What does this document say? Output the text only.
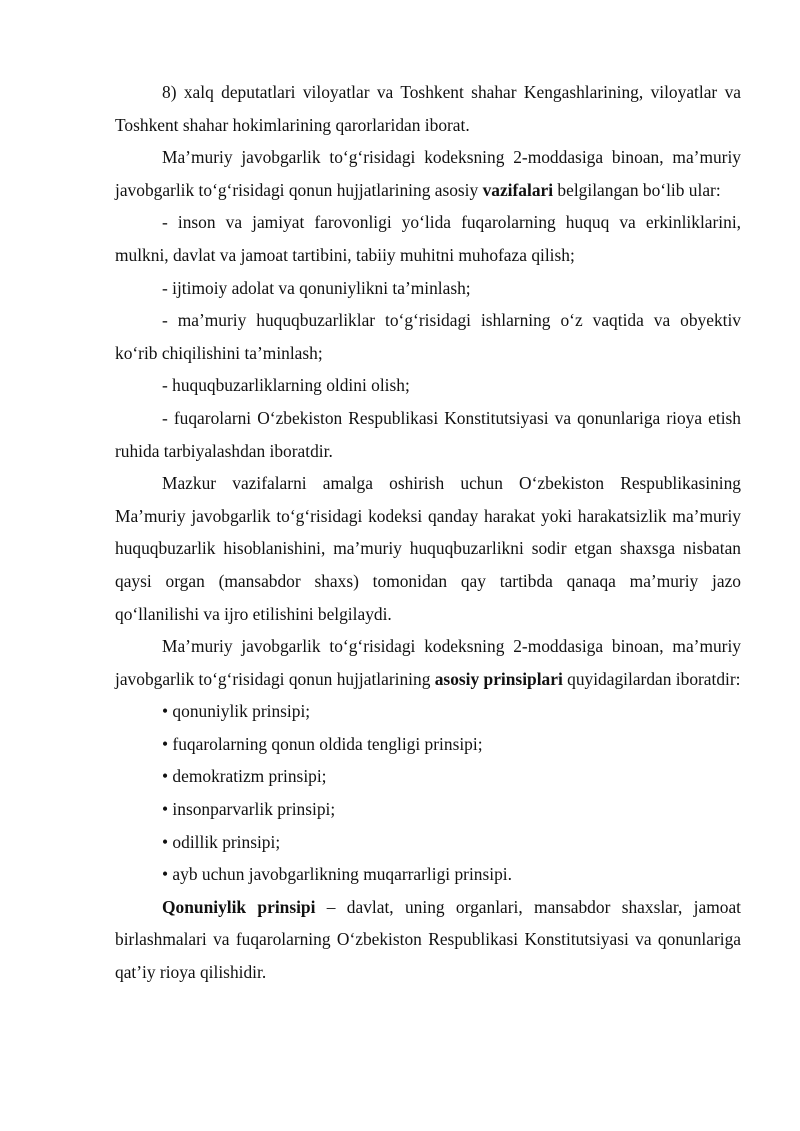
8) xalq deputatlari viloyatlar va Toshkent shahar Kengashlarining, viloyatlar va Toshkent shahar hokimlarining qarorlaridan iborat.

Ma’muriy javobgarlik to‘g‘risidagi kodeksning 2-moddasiga binoan, ma’muriy javobgarlik to‘g‘risidagi qonun hujjatlarining asosiy vazifalari belgilangan bo‘lib ular:

- inson va jamiyat farovonligi yo‘lida fuqarolarning huquq va erkinliklarini, mulkni, davlat va jamoat tartibini, tabiiy muhitni muhofaza qilish;

- ijtimoiy adolat va qonuniylikni ta’minlash;

- ma’muriy huquqbuzarliklar to‘g‘risidagi ishlarning o‘z vaqtida va obyektiv ko‘rib chiqilishini ta’minlash;

- huquqbuzarliklarning oldini olish;

- fuqarolarni O‘zbekiston Respublikasi Konstitutsiyasi va qonunlariga rioya etish ruhida tarbiyalashdan iboratdir.

Mazkur vazifalarni amalga oshirish uchun O‘zbekiston Respublikasining Ma’muriy javobgarlik to‘g‘risidagi kodeksi qanday harakat yoki harakatsizlik ma’muriy huquqbuzarlik hisoblanishini, ma’muriy huquqbuzarlikni sodir etgan shaxsga nisbatan qaysi organ (mansabdor shaxs) tomonidan qay tartibda qanaqa ma’muriy jazo qo‘llanilishi va ijro etilishini belgilaydi.

Ma’muriy javobgarlik to‘g‘risidagi kodeksning 2-moddasiga binoan, ma’muriy javobgarlik to‘g‘risidagi qonun hujjatlarining asosiy prinsiplari quyidagilardan iboratdir:

• qonuniylik prinsipi;

• fuqarolarning qonun oldida tengligi prinsipi;

• demokratizm prinsipi;

• insonparvarlik prinsipi;

• odillik prinsipi;

• ayb uchun javobgarlikning muqarrarligi prinsipi.

Qonuniylik prinsipi – davlat, uning organlari, mansabdor shaxslar, jamoat birlashmalari va fuqarolarning O‘zbekiston Respublikasi Konstitutsiyasi va qonunlariga qat’iy rioya qilishidir.
